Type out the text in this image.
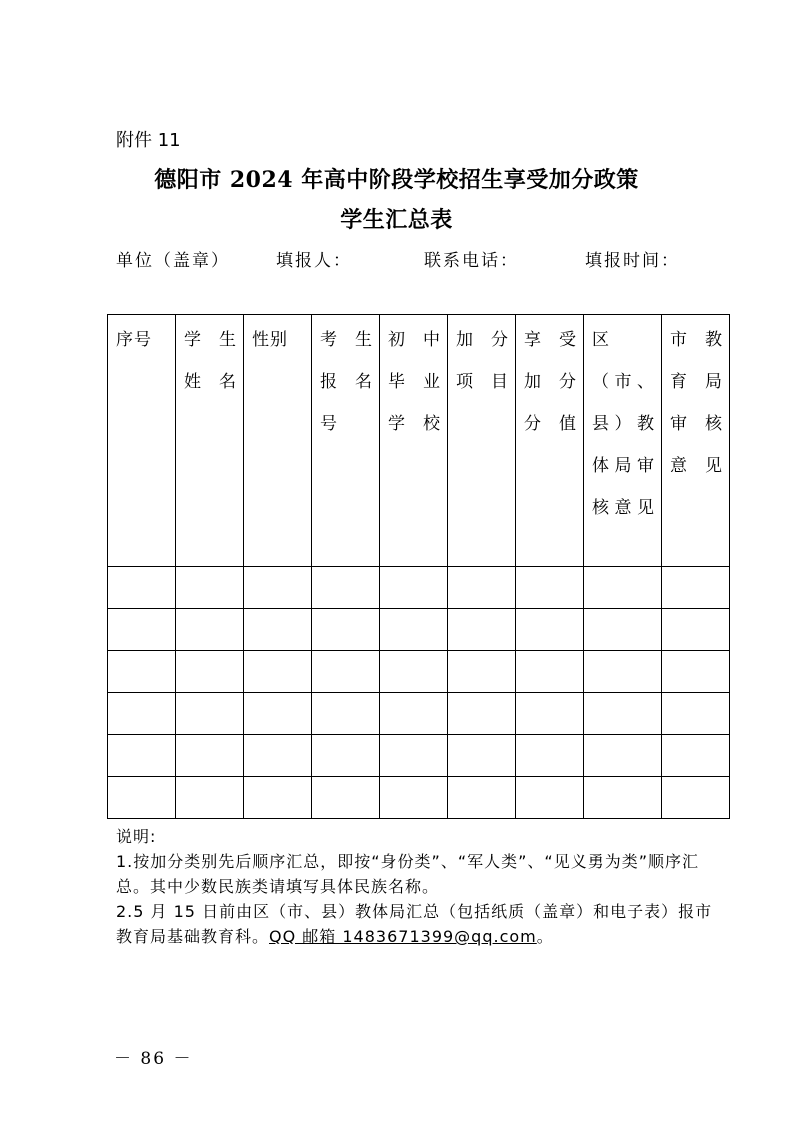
附件 11
德阳市 2024 年高中阶段学校招生享受加分政策
学生汇总表
单位（盖章）	填报人：	联系电话：	填报时间：
序号	学生姓名	性别	考生报名号	初中毕业学校	加分项目	享受加分分值	区（市、县）教体局审核意见	市教育局审核意见

说明:

1.按加分类别先后顺序汇总，即按“身份类”、“军人类”、“见义勇为类”顺序汇总。其中少数民族类请填写具体民族名称。

2.5 月 15 日前由区（市、县）教体局汇总（包括纸质（盖章）和电子表）报市教育局基础教育科。QQ 邮箱 1483671399@qq.com。

－ 86 －
